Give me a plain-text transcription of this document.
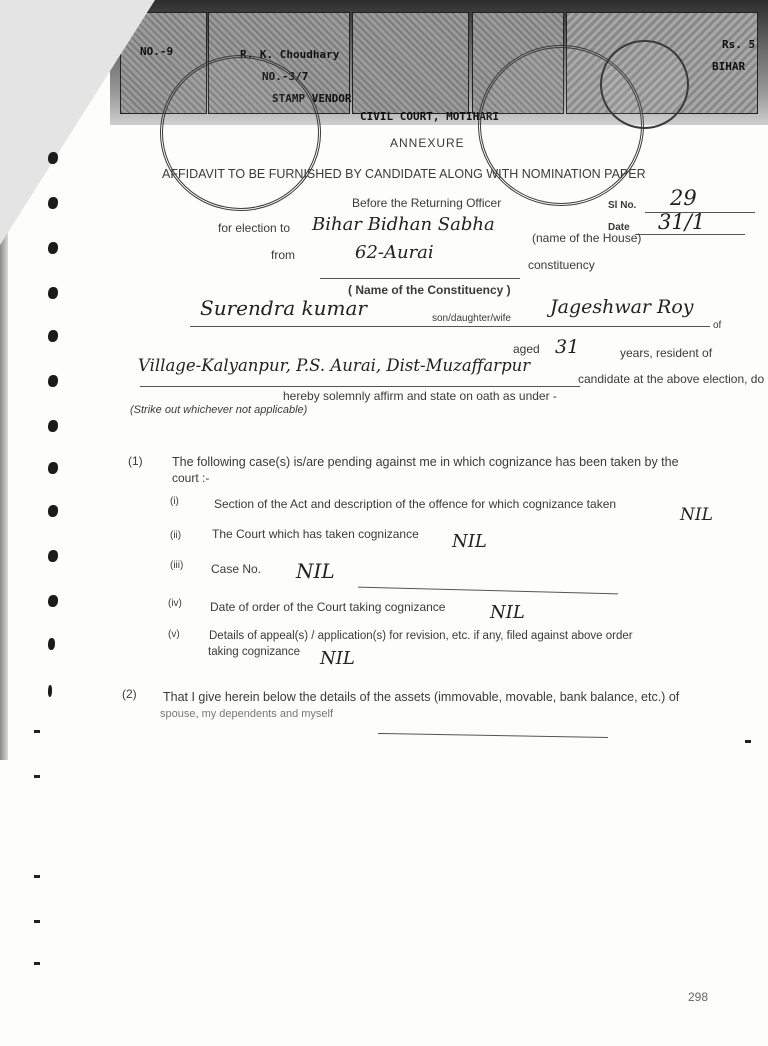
NO.-9	R. K. Choudhary
NO.-3/7
STAMP VENDOR
CIVIL COURT, MOTIHARI
BIHAR
Rs. 5
ANNEXURE
AFFIDAVIT TO BE FURNISHED BY CANDIDATE ALONG WITH NOMINATION PAPER
Before the Returning Officer	Sl No. 29
Date 31/1
for election to Bihar Bidhan Sabha
(name of the House)
from	62-Aurai
constituency
( Name of the Constituency )
Surendra kumar	son/daughter/wife
Jageshwar Roy
of
aged 31	years, resident of
Village-Kalyanpur, P.S. Aurai, Dist-Muzaffarpur
candidate at the above election, do
hereby solemnly affirm and state on oath as under -
(Strike out whichever not applicable)
(1) The following case(s) is/are pending against me in which cognizance has been taken by the
court :-
(i)	Section of the Act and description of the offence for which cognizance taken
NIL
(ii)	The Court which has taken cognizance NIL
(iii) Case No. NIL
(iv) Date of order of the Court taking cognizance NIL
(v)	Details of appeal(s) / application(s) for revision, etc. if any, filed against above order
taking cognizance NIL
(2) That I give herein below the details of the assets (immovable, movable, bank balance, etc.) of
spouse, my dependents and myself
298
